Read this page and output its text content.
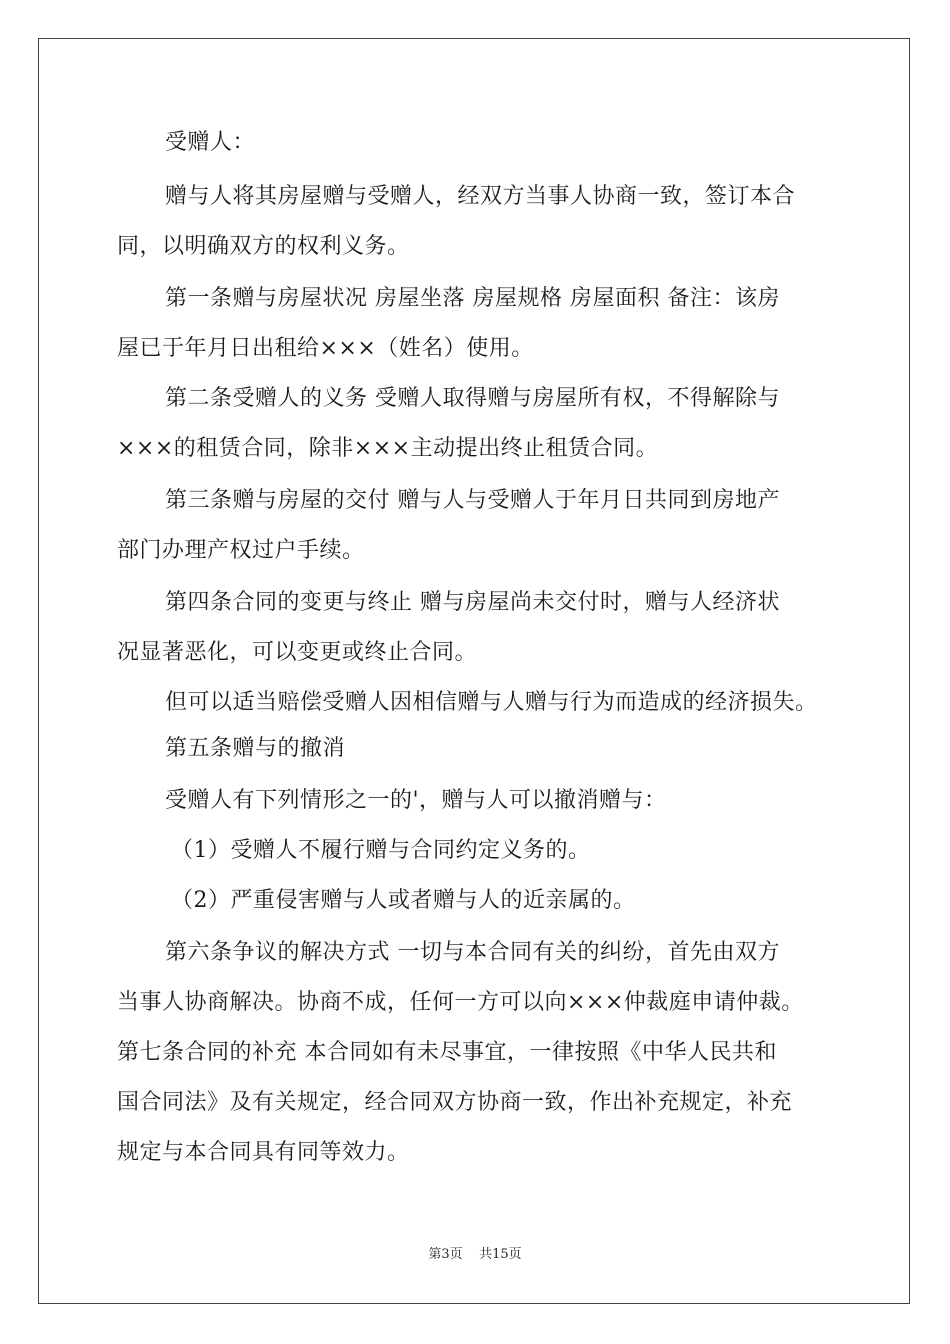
受赠人：
赠与人将其房屋赠与受赠人，经双方当事人协商一致，签订本合
同，以明确双方的权利义务。
第一条赠与房屋状况 房屋坐落 房屋规格 房屋面积 备注：该房
屋已于年月日出租给×××（姓名）使用。
第二条受赠人的义务 受赠人取得赠与房屋所有权，不得解除与
×××的租赁合同，除非×××主动提出终止租赁合同。
第三条赠与房屋的交付 赠与人与受赠人于年月日共同到房地产
部门办理产权过户手续。
第四条合同的变更与终止 赠与房屋尚未交付时，赠与人经济状
况显著恶化，可以变更或终止合同。
但可以适当赔偿受赠人因相信赠与人赠与行为而造成的经济损失。
第五条赠与的撤消
受赠人有下列情形之一的'，赠与人可以撤消赠与：
（1）受赠人不履行赠与合同约定义务的。
（2）严重侵害赠与人或者赠与人的近亲属的。
第六条争议的解决方式 一切与本合同有关的纠纷，首先由双方
当事人协商解决。协商不成，任何一方可以向×××仲裁庭申请仲裁。
第七条合同的补充 本合同如有未尽事宜，一律按照《中华人民共和
国合同法》及有关规定，经合同双方协商一致，作出补充规定，补充
规定与本合同具有同等效力。
第3页 共15页
